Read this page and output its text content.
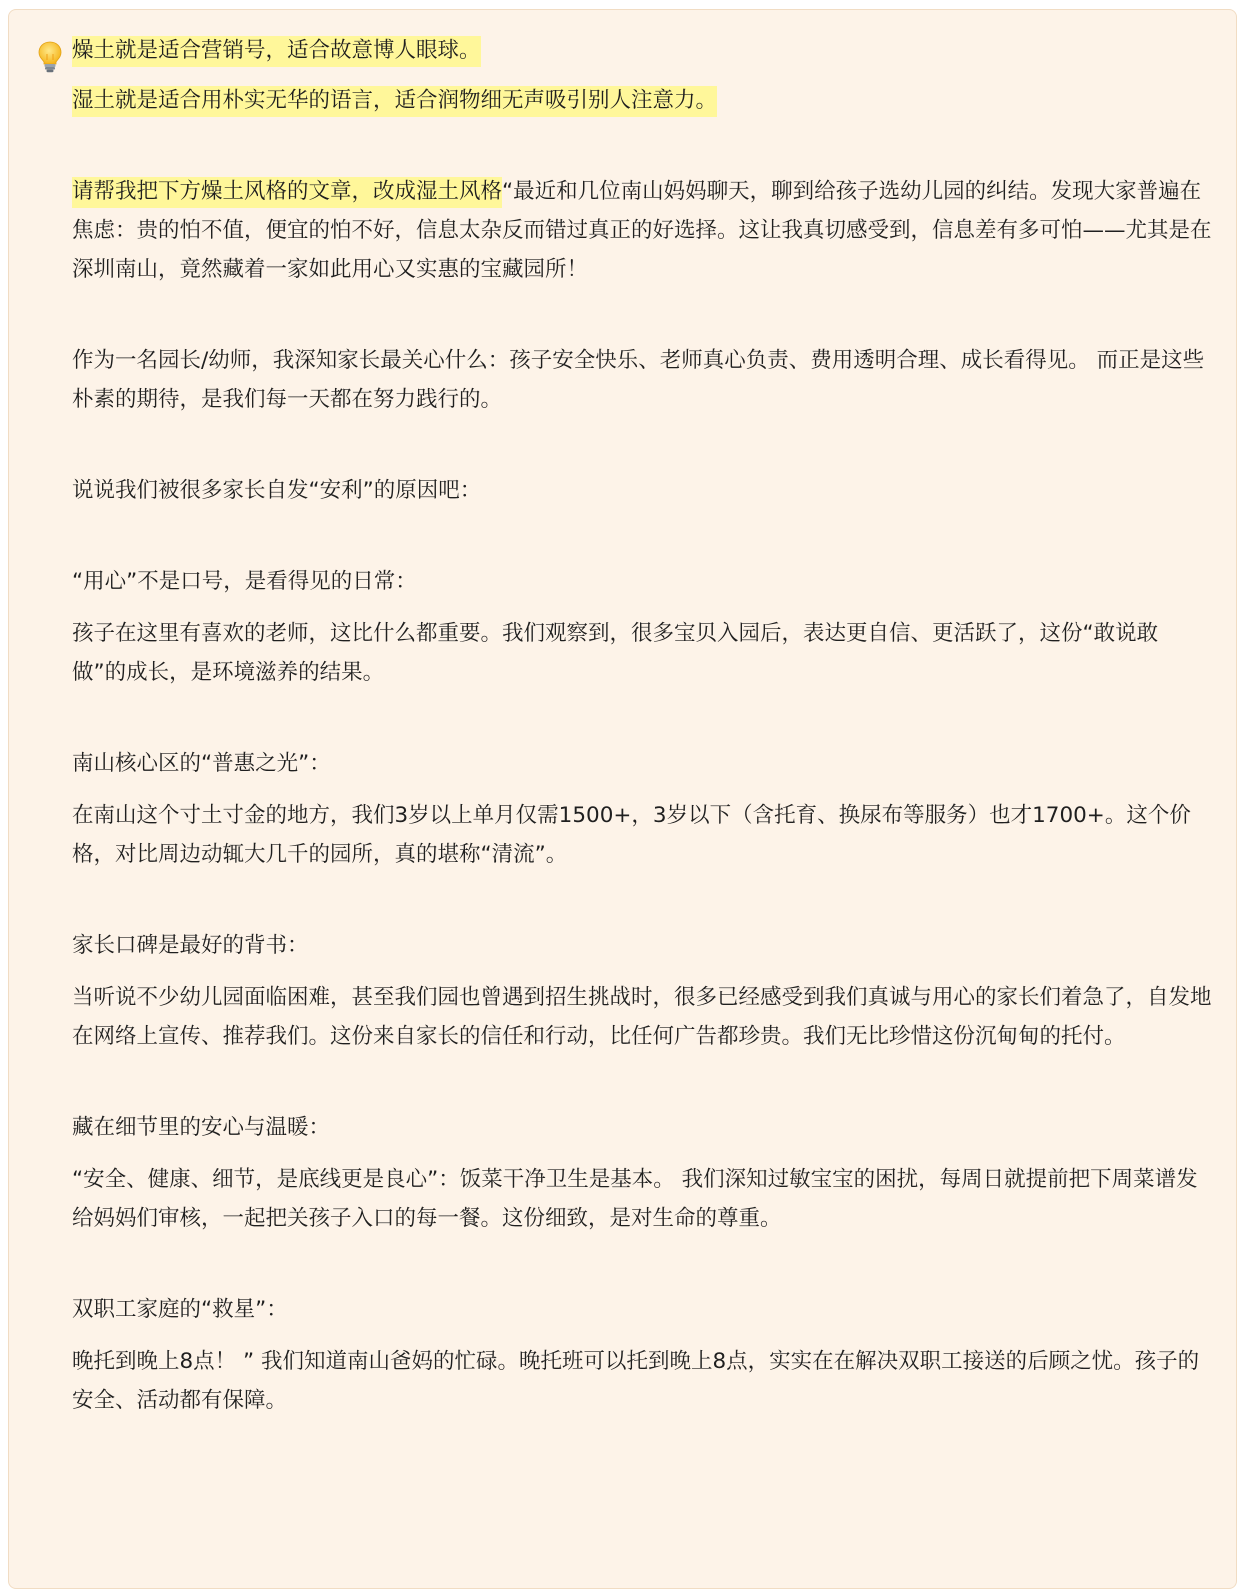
燥土就是适合营销号，适合故意博人眼球。

湿土就是适合用朴实无华的语言，适合润物细无声吸引别人注意力。

请帮我把下方燥土风格的文章，改成湿土风格“最近和几位南山妈妈聊天，聊到给孩子选幼儿园的纠结。发现大家普遍在焦虑：贵的怕不值，便宜的怕不好，信息太杂反而错过真正的好选择。这让我真切感受到，信息差有多可怕——尤其是在深圳南山，竟然藏着一家如此用心又实惠的宝藏园所！

作为一名园长/幼师，我深知家长最关心什么：孩子安全快乐、老师真心负责、费用透明合理、成长看得见。 而正是这些朴素的期待，是我们每一天都在努力践行的。

说说我们被很多家长自发“安利”的原因吧：

“用心”不是口号，是看得见的日常：

孩子在这里有喜欢的老师，这比什么都重要。我们观察到，很多宝贝入园后，表达更自信、更活跃了，这份“敢说敢做”的成长，是环境滋养的结果。

南山核心区的“普惠之光”：

在南山这个寸土寸金的地方，我们3岁以上单月仅需1500+，3岁以下（含托育、换尿布等服务）也才1700+。这个价格，对比周边动辄大几千的园所，真的堪称“清流”。

家长口碑是最好的背书：

当听说不少幼儿园面临困难，甚至我们园也曾遇到招生挑战时，很多已经感受到我们真诚与用心的家长们着急了，自发地在网络上宣传、推荐我们。这份来自家长的信任和行动，比任何广告都珍贵。我们无比珍惜这份沉甸甸的托付。

藏在细节里的安心与温暖：

“安全、健康、细节，是底线更是良心”：饭菜干净卫生是基本。 我们深知过敏宝宝的困扰，每周日就提前把下周菜谱发给妈妈们审核，一起把关孩子入口的每一餐。这份细致，是对生命的尊重。

双职工家庭的“救星”：

晚托到晚上8点！ ” 我们知道南山爸妈的忙碌。晚托班可以托到晚上8点，实实在在解决双职工接送的后顾之忧。孩子的安全、活动都有保障。
